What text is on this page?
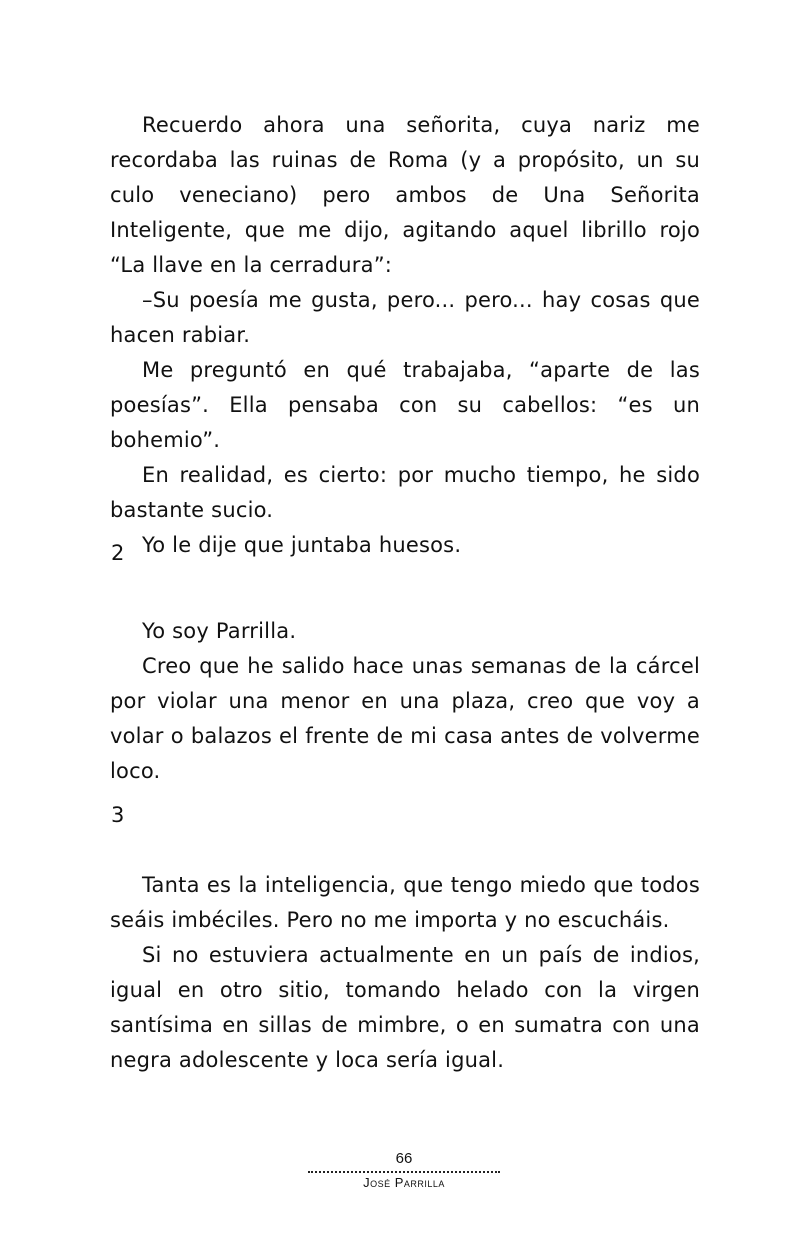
Recuerdo ahora una señorita, cuya nariz me recordaba las ruinas de Roma (y a propósito, un su culo veneciano) pero ambos de Una Señorita Inteligente, que me dijo, agitando aquel librillo rojo “La llave en la cerradura”:

–Su poesía me gusta, pero... pero... hay cosas que hacen rabiar.

Me preguntó en qué trabajaba, “aparte de las poesías”. Ella pensaba con su cabellos: “es un bohemio”.

En realidad, es cierto: por mucho tiempo, he sido bastante sucio.

Yo le dije que juntaba huesos.

2

Yo soy Parrilla.

Creo que he salido hace unas semanas de la cárcel por violar una menor en una plaza, creo que voy a volar o balazos el frente de mi casa antes de volverme loco.

3

Tanta es la inteligencia, que tengo miedo que todos seáis imbéciles. Pero no me importa y no escucháis.

Si no estuviera actualmente en un país de indios, igual en otro sitio, tomando helado con la virgen santísima en sillas de mimbre, o en sumatra con una negra adolescente y loca sería igual.

66
José Parrilla
